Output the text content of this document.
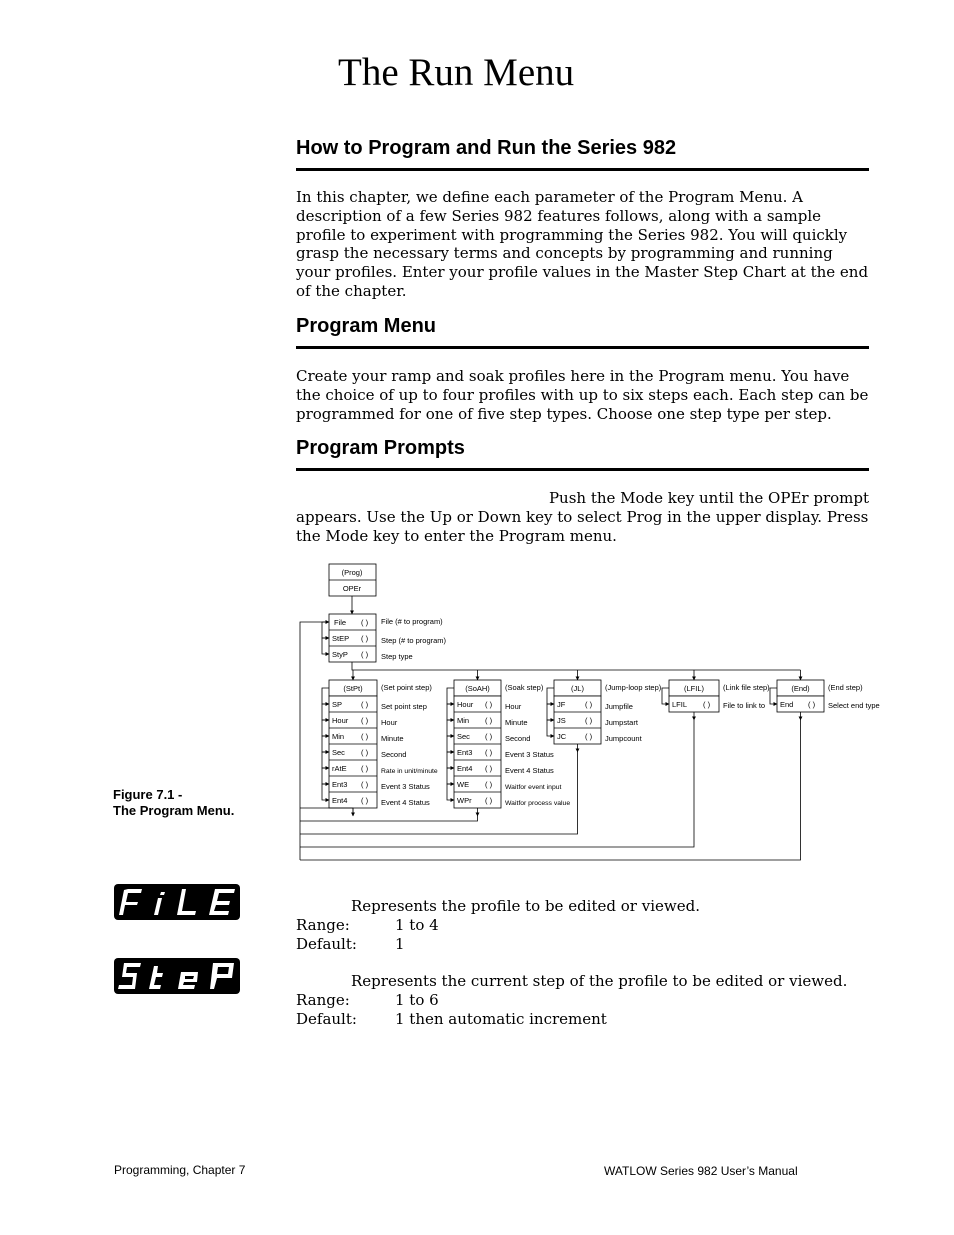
The Run Menu
How to Program and Run the Series 982

In this chapter, we define each parameter of the Program Menu. A description of a few Series 982 features follows, along with a sample profile to experiment with programming the Series 982. You will quickly grasp the necessary terms and concepts by programming and running your profiles. Enter your profile values in the Master Step Chart at the end of the chapter.

Program Menu

Create your ramp and soak profiles here in the Program menu. You have the choice of up to four profiles with up to six steps each. Each step can be programmed for one of five step types. Choose one step type per step.

Program Prompts
Push the Mode key until the OPEr prompt
appears. Use the Up or Down key to select Prog in the upper display. Press the Mode key to enter the Program menu.
Figure 7.1 -
The Program Menu.
(Prog)
OPEr
File ( ) File (# to program)
StEP ( ) Step (# to program)
StyP ( ) Step type
(StPt) (Set point step)
SP	( ) Set point step
Hour ( ) Hour
Min ( ) Minute
Sec ( ) Second
rAtE ( ) Rate in unit/minute
Ent3 ( ) Event 3 Status
Ent4 ( ) Event 4 Status
(SoAH) (Soak step)
Hour ( ) Hour
Min ( ) Minute
Sec ( ) Second
Ent3 ( ) Event 3 Status
Ent4 ( ) Event 4 Status
WE ( ) Waitfor event input
WPr ( ) Waitfor process value
(JL)	(Jump-loop step)
JF	( ) Jumpfile
JS	( ) Jumpstart
JC	( ) Jumpcount
(LFIL)	(Link file step)
LFIL ( ) File to link to
(End) (End step)
End ( ) Select end type
Represents the profile to be edited or viewed.
Range:	1 to 4
Default:	1
Represents the current step of the profile to be edited or viewed.
Range:	1 to 6
Default:	1 then automatic increment
Programming, Chapter 7	WATLOW Series 982 User’s Manual
